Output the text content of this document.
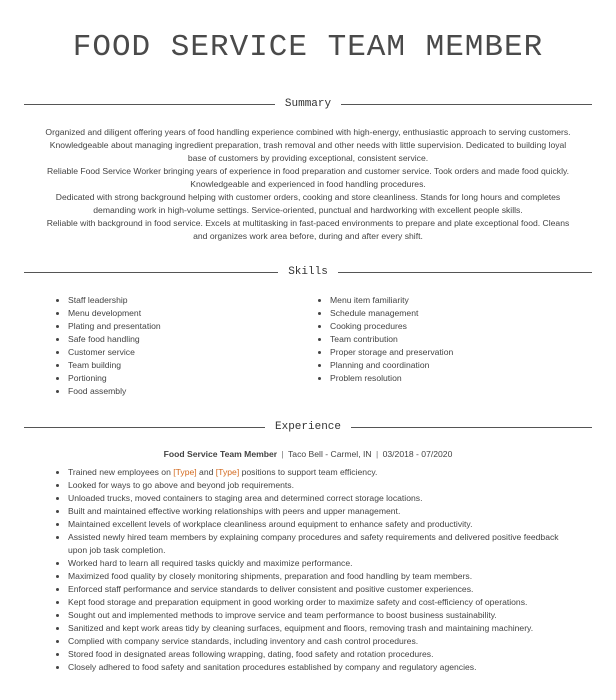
FOOD SERVICE TEAM MEMBER
Summary

Organized and diligent offering years of food handling experience combined with high-energy, enthusiastic approach to serving customers. Knowledgeable about managing ingredient preparation, trash removal and other needs with little supervision. Dedicated to building loyal base of customers by providing exceptional, consistent service.

Reliable Food Service Worker bringing years of experience in food preparation and customer service. Took orders and made food quickly. Knowledgeable and experienced in food handling procedures.

Dedicated with strong background helping with customer orders, cooking and store cleanliness. Stands for long hours and completes demanding work in high-volume settings. Service-oriented, punctual and hardworking with excellent people skills.

Reliable with background in food service. Excels at multitasking in fast-paced environments to prepare and plate exceptional food. Cleans and organizes work area before, during and after every shift.

Skills
• Staff leadership
• Menu development
• Plating and presentation
• Safe food handling
• Customer service
• Team building
• Portioning
• Food assembly
• Menu item familiarity
• Schedule management
• Cooking procedures
• Team contribution
• Proper storage and preservation
• Planning and coordination
• Problem resolution
Experience
Food Service Team Member | Taco Bell - Carmel, IN | 03/2018 - 07/2020
• Trained new employees on [Type] and [Type] positions to support team efficiency.
• Looked for ways to go above and beyond job requirements.
• Unloaded trucks, moved containers to staging area and determined correct storage locations.
• Built and maintained effective working relationships with peers and upper management.
• Maintained excellent levels of workplace cleanliness around equipment to enhance safety and productivity.
• Assisted newly hired team members by explaining company procedures and safety requirements and delivered positive feedback upon job task completion.
• Worked hard to learn all required tasks quickly and maximize performance.
• Maximized food quality by closely monitoring shipments, preparation and food handling by team members.
• Enforced staff performance and service standards to deliver consistent and positive customer experiences.
• Kept food storage and preparation equipment in good working order to maximize safety and cost-efficiency of operations.
• Sought out and implemented methods to improve service and team performance to boost business sustainability.
• Sanitized and kept work areas tidy by cleaning surfaces, equipment and floors, removing trash and maintaining machinery.
• Complied with company service standards, including inventory and cash control procedures.
• Stored food in designated areas following wrapping, dating, food safety and rotation procedures.
• Closely adhered to food safety and sanitation procedures established by company and regulatory agencies.
